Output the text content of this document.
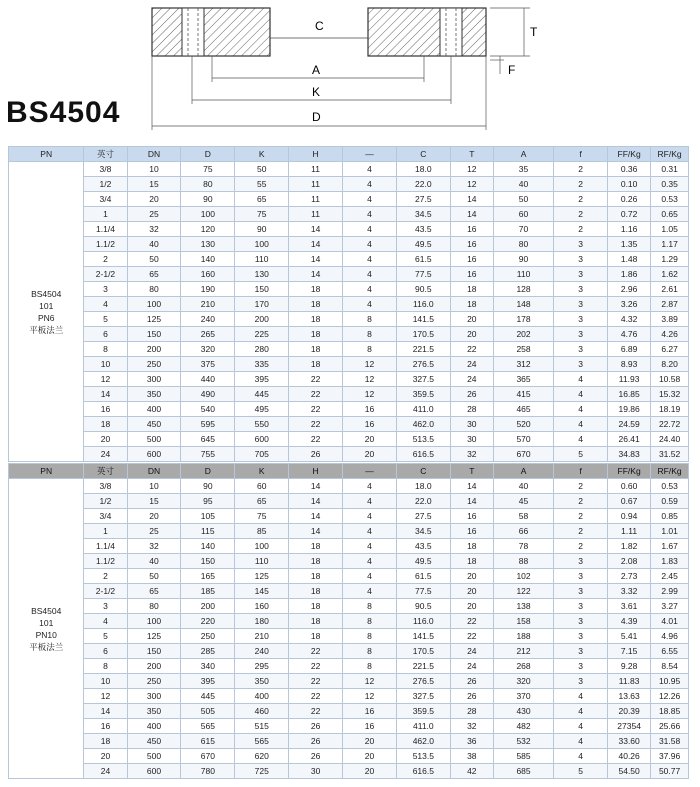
C	T
F
A
K
D
BS4504
PN	英寸	DN	D	K	H	—	C	T	A	f	FF/Kg	RF/Kg

BS4504
101
PN6
平板法兰	3/8	10	75	50	11	4	18.0	12	35	2	0.36	0.31
	1/2	15	80	55	11	4	22.0	12	40	2	0.10	0.35
	3/4	20	90	65	11	4	27.5	14	50	2	0.26	0.53
	1	25	100	75	11	4	34.5	14	60	2	0.72	0.65
	1.1/4	32	120	90	14	4	43.5	16	70	2	1.16	1.05
	1.1/2	40	130	100	14	4	49.5	16	80	3	1.35	1.17
	2	50	140	110	14	4	61.5	16	90	3	1.48	1.29
	2-1/2	65	160	130	14	4	77.5	16	110	3	1.86	1.62
	3	80	190	150	18	4	90.5	18	128	3	2.96	2.61
	4	100	210	170	18	4	116.0	18	148	3	3.26	2.87
	5	125	240	200	18	8	141.5	20	178	3	4.32	3.89
	6	150	265	225	18	8	170.5	20	202	3	4.76	4.26
	8	200	320	280	18	8	221.5	22	258	3	6.89	6.27
	10	250	375	335	18	12	276.5	24	312	3	8.93	8.20
	12	300	440	395	22	12	327.5	24	365	4	11.93	10.58
	14	350	490	445	22	12	359.5	26	415	4	16.85	15.32
	16	400	540	495	22	16	411.0	28	465	4	19.86	18.19
	18	450	595	550	22	16	462.0	30	520	4	24.59	22.72
	20	500	645	600	22	20	513.5	30	570	4	26.41	24.40
	24	600	755	705	26	20	616.5	32	670	5	34.83	31.52
PN	英寸	DN	D	K	H	—	C	T	A	f	FF/Kg	RF/Kg

BS4504
101
PN10
平板法兰	3/8	10	90	60	14	4	18.0	14	40	2	0.60	0.53
	1/2	15	95	65	14	4	22.0	14	45	2	0.67	0.59
	3/4	20	105	75	14	4	27.5	16	58	2	0.94	0.85
	1	25	115	85	14	4	34.5	16	66	2	1.11	1.01
	1.1/4	32	140	100	18	4	43.5	18	78	2	1.82	1.67
	1.1/2	40	150	110	18	4	49.5	18	88	3	2.08	1.83
	2	50	165	125	18	4	61.5	20	102	3	2.73	2.45
	2-1/2	65	185	145	18	4	77.5	20	122	3	3.32	2.99
	3	80	200	160	18	8	90.5	20	138	3	3.61	3.27
	4	100	220	180	18	8	116.0	22	158	3	4.39	4.01
	5	125	250	210	18	8	141.5	22	188	3	5.41	4.96
	6	150	285	240	22	8	170.5	24	212	3	7.15	6.55
	8	200	340	295	22	8	221.5	24	268	3	9.28	8.54
	10	250	395	350	22	12	276.5	26	320	3	11.83	10.95
	12	300	445	400	22	12	327.5	26	370	4	13.63	12.26
	14	350	505	460	22	16	359.5	28	430	4	20.39	18.85
	16	400	565	515	26	16	411.0	32	482	4	27354	25.66
	18	450	615	565	26	20	462.0	36	532	4	33.60	31.58
	20	500	670	620	26	20	513.5	38	585	4	40.26	37.96
	24	600	780	725	30	20	616.5	42	685	5	54.50	50.77
